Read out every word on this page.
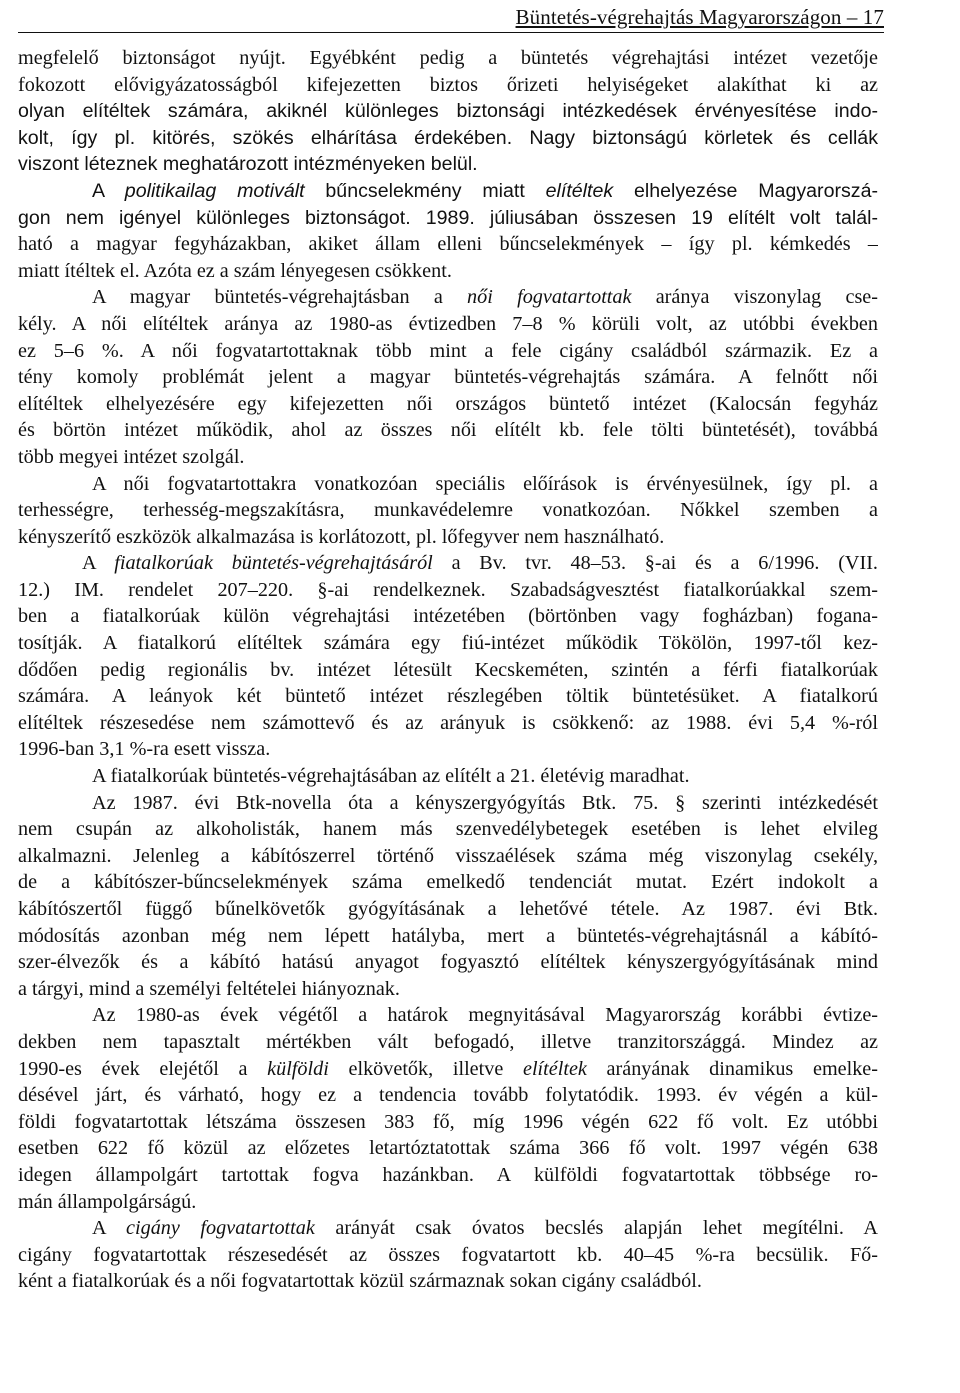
Büntetés-végrehajtás Magyarországon – 17
megfelelő biztonságot nyújt. Egyébként pedig a büntetés végrehajtási intézet vezetője
fokozott elővigyázatosságból kifejezetten biztos őrizeti helyiségeket alakíthat ki az
olyan elítéltek számára, akiknél különleges biztonsági intézkedések érvényesítése indo-
kolt, így pl. kitörés, szökés elhárítása érdekében. Nagy biztonságú körletek és cellák
viszont léteznek meghatározott intézményeken belül.
A politikailag motivált bűncselekmény miatt elítéltek elhelyezése Magyarorszá-
gon nem igényel különleges biztonságot. 1989. júliusában összesen 19 elítélt volt talál-
ható a magyar fegyházakban, akiket állam elleni bűncselekmények – így pl. kémkedés –
miatt ítéltek el. Azóta ez a szám lényegesen csökkent.
A magyar büntetés-végrehajtásban a női fogvatartottak aránya viszonylag cse-
kély. A női elítéltek aránya az 1980-as évtizedben 7–8 % körüli volt, az utóbbi években
ez 5–6 %. A női fogvatartottaknak több mint a fele cigány családból származik. Ez a
tény komoly problémát jelent a magyar büntetés-végrehajtás számára. A felnőtt női
elítéltek elhelyezésére egy kifejezetten női országos büntető intézet (Kalocsán fegyház
és börtön intézet működik, ahol az összes női elítélt kb. fele tölti büntetését), továbbá
több megyei intézet szolgál.
A női fogvatartottakra vonatkozóan speciális előírások is érvényesülnek, így pl. a
terhességre, terhesség-megszakításra, munkavédelemre vonatkozóan. Nőkkel szemben a
kényszerítő eszközök alkalmazása is korlátozott, pl. lőfegyver nem használható.
A fiatalkorúak büntetés-végrehajtásáról a Bv. tvr. 48–53. §-ai és a 6/1996. (VII.
12.) IM. rendelet 207–220. §-ai rendelkeznek. Szabadságvesztést fiatalkorúakkal szem-
ben a fiatalkorúak külön végrehajtási intézetében (börtönben vagy fogházban) fogana-
tosítják. A fiatalkorú elítéltek számára egy fiú-intézet működik Tökölön, 1997-től kez-
dődően pedig regionális bv. intézet létesült Kecskeméten, szintén a férfi fiatalkorúak
számára. A leányok két büntető intézet részlegében töltik büntetésüket. A fiatalkorú
elítéltek részesedése nem számottevő és az arányuk is csökkenő: az 1988. évi 5,4 %-ról
1996-ban 3,1 %-ra esett vissza.
A fiatalkorúak büntetés-végrehajtásában az elítélt a 21. életévig maradhat.
Az 1987. évi Btk-novella óta a kényszergyógyítás Btk. 75. § szerinti intézkedését
nem csupán az alkoholisták, hanem más szenvedélybetegek esetében is lehet elvileg
alkalmazni. Jelenleg a kábítószerrel történő visszaélések száma még viszonylag csekély,
de a kábítószer-bűncselekmények száma emelkedő tendenciát mutat. Ezért indokolt a
kábítószertől függő bűnelkövetők gyógyításának a lehetővé tétele. Az 1987. évi Btk.
módosítás azonban még nem lépett hatályba, mert a büntetés-végrehajtásnál a kábító-
szer-élvezők és a kábító hatású anyagot fogyasztó elítéltek kényszergyógyításának mind
a tárgyi, mind a személyi feltételei hiányoznak.
Az 1980-as évek végétől a határok megnyitásával Magyarország korábbi évtize-
dekben nem tapasztalt mértékben vált befogadó, illetve tranzitországgá. Mindez az
1990-es évek elejétől a külföldi elkövetők, illetve elítéltek arányának dinamikus emelke-
désével járt, és várható, hogy ez a tendencia tovább folytatódik. 1993. év végén a kül-
földi fogvatartottak létszáma összesen 383 fő, míg 1996 végén 622 fő volt. Ez utóbbi
esetben 622 fő közül az előzetes letartóztatottak száma 366 fő volt. 1997 végén 638
idegen állampolgárt tartottak fogva hazánkban. A külföldi fogvatartottak többsége ro-
mán állampolgárságú.
A cigány fogvatartottak arányát csak óvatos becslés alapján lehet megítélni. A
cigány fogvatartottak részesedését az összes fogvatartott kb. 40–45 %-ra becsülik. Fő-
ként a fiatalkorúak és a női fogvatartottak közül származnak sokan cigány családból.
